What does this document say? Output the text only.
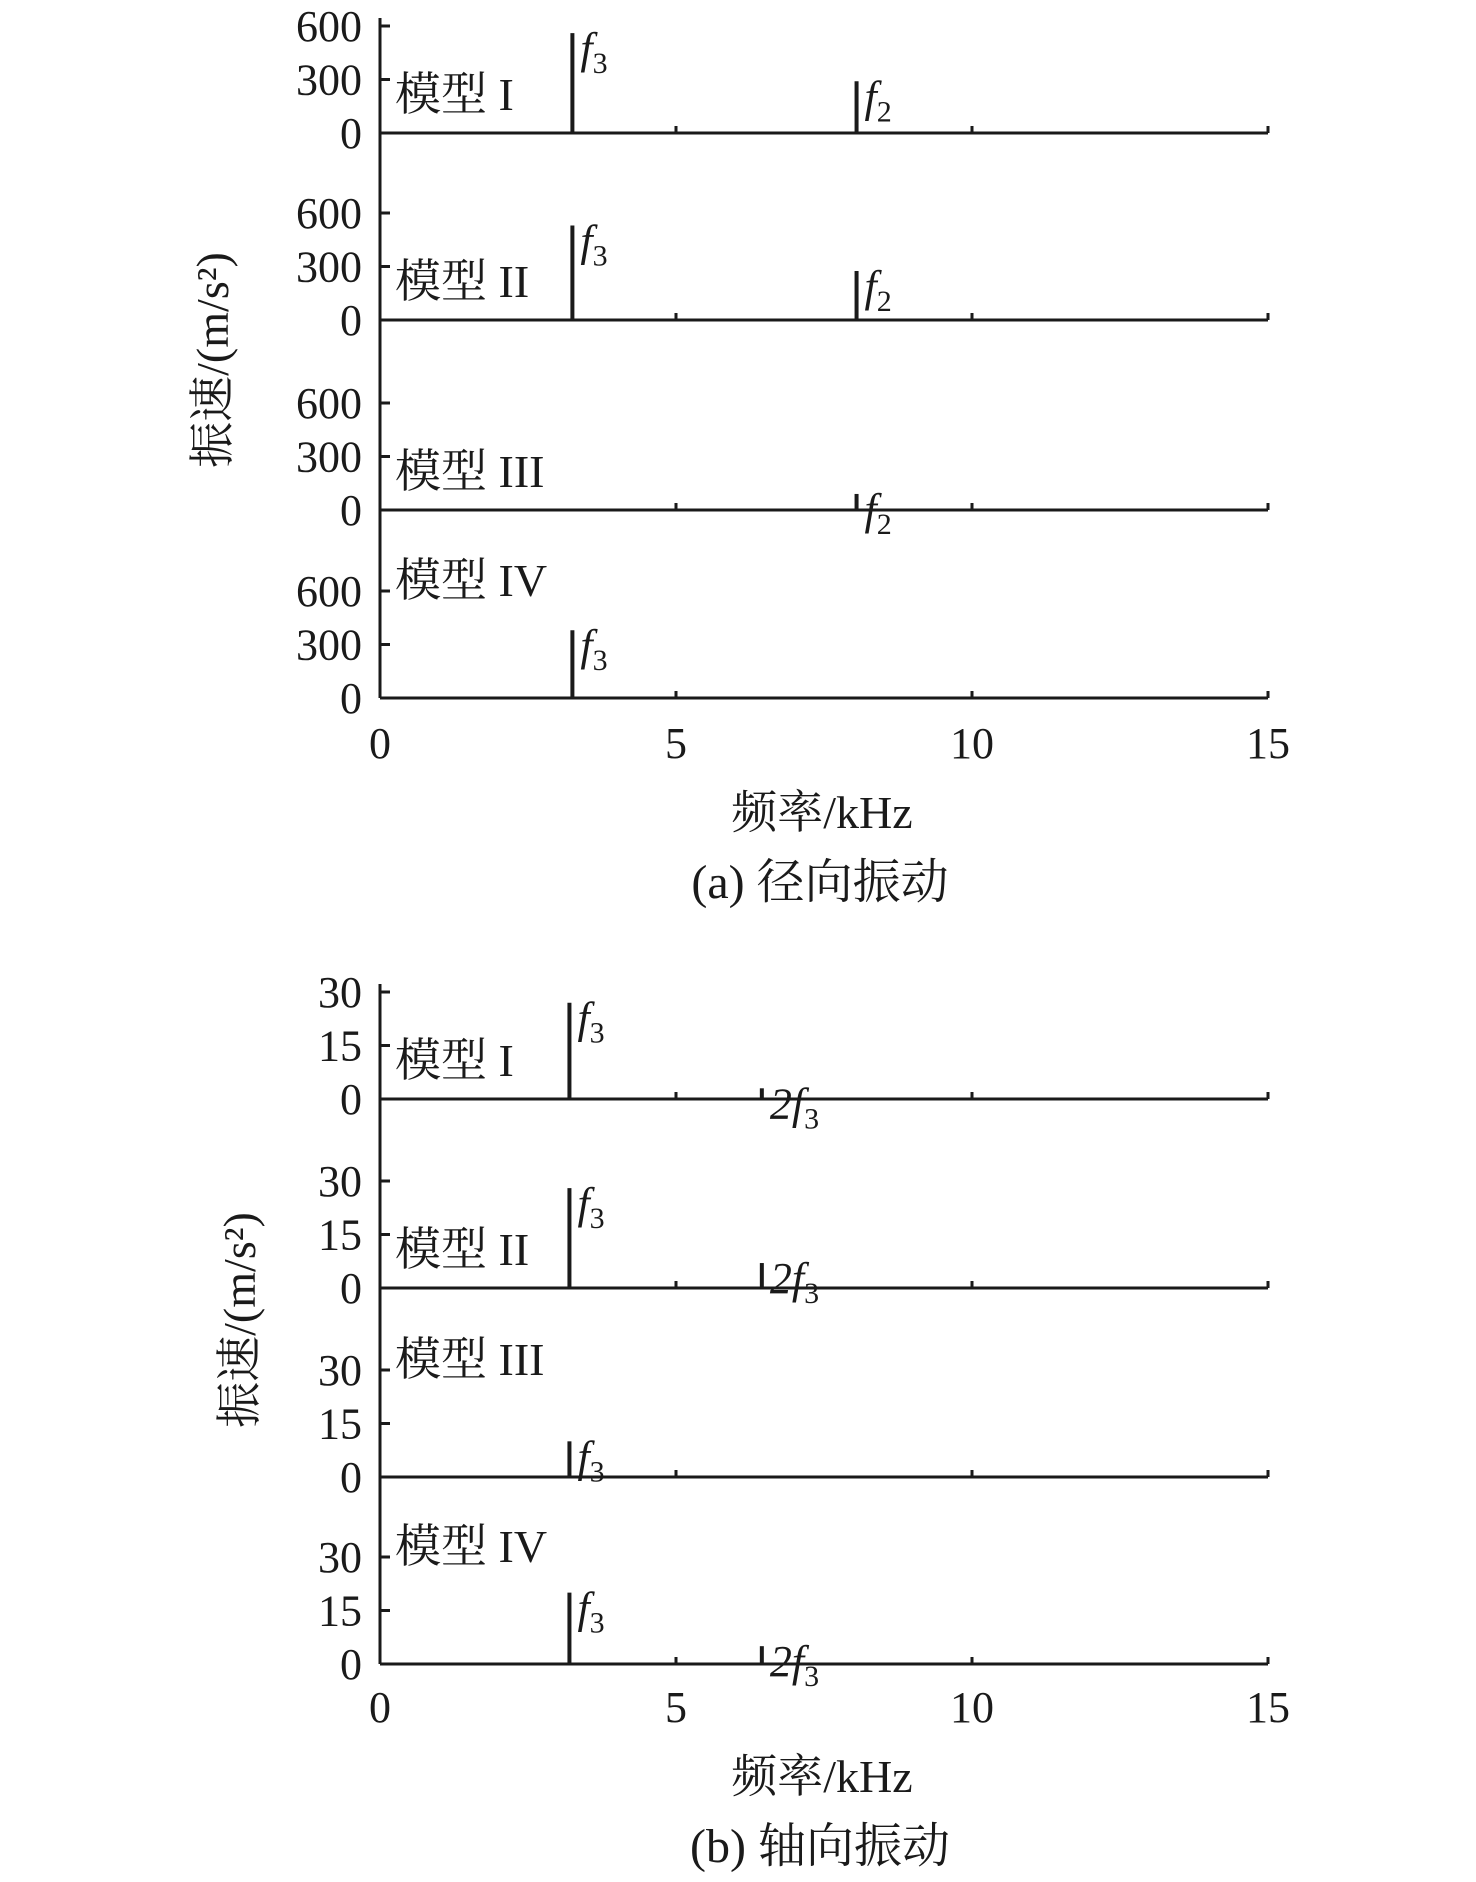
0
300
600
模型 I
$f_3$
$f_2$
0
300
600
模型 II
$f_3$
$f_2$
0
300
600
模型 III
$f_2$
0
300
600 模型 IV
$f_3$
0	5	10	15
频率/kHz
振速/(m/s²)
(a) 径向振动
0
15
30
模型 I
$f_3$
$2f_3$
0
15
30
模型 II
$f_3$
$2f_3$
0
15
30 模型 III
$f_3$
0
15
30 模型 IV
$f_3$
$2f_3$
0	5	10	15
频率/kHz
振速/(m/s²)
(b) 轴向振动
